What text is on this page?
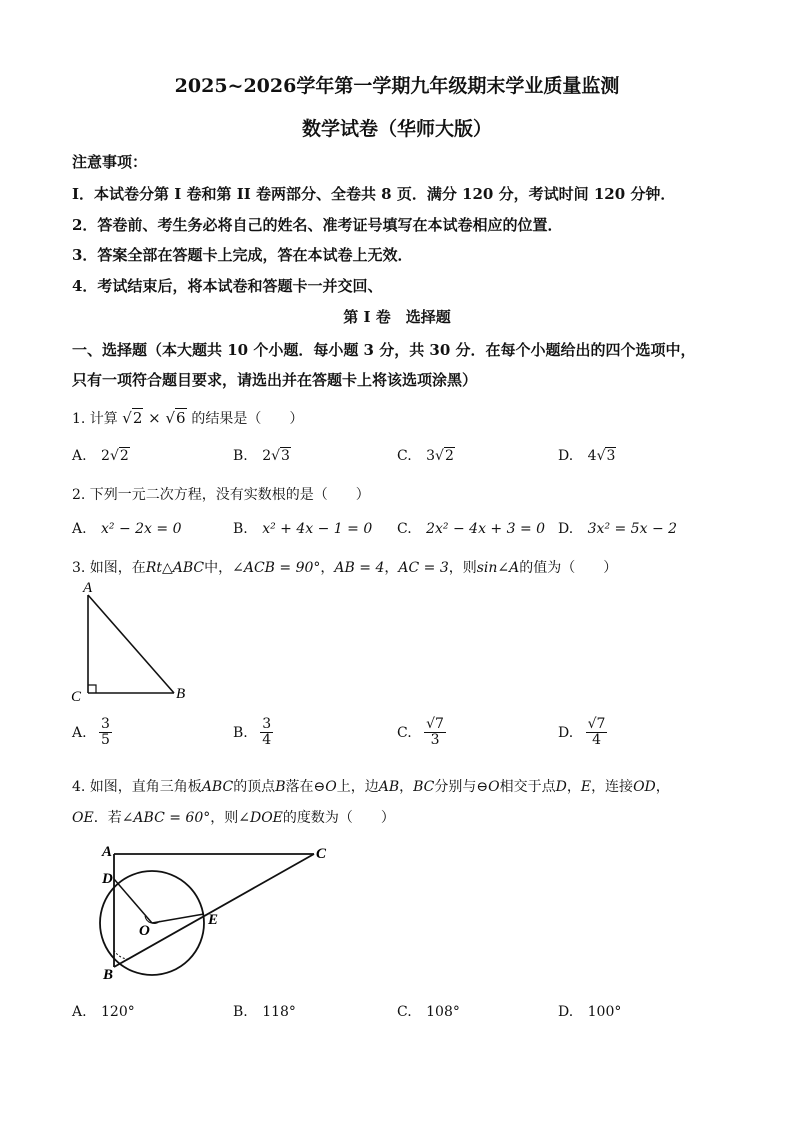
2025~2026学年第一学期九年级期末学业质量监测
数学试卷（华师大版）
注意事项：
I．本试卷分第 I 卷和第 II 卷两部分、全卷共 8 页．满分 120 分，考试时间 120 分钟．
2．答卷前、考生务必将自己的姓名、准考证号填写在本试卷相应的位置．
3．答案全部在答题卡上完成，答在本试卷上无效．
4．考试结束后，将本试卷和答题卡一并交回、
第 I 卷　选择题
一、选择题（本大题共 10 个小题．每小题 3 分，共 30 分．在每个小题给出的四个选项中，
只有一项符合题目要求，请选出并在答题卡上将该选项涂黑）
1. 计算 √2 × √6 的结果是（　　）
A. 2√2	B. 2√3	C. 3√2	D. 4√3
2. 下列一元二次方程，没有实数根的是（　　）
A. x² − 2x = 0	B. x² + 4x − 1 = 0 C. 2x² − 4x + 3 = 0 D. 3x² = 5x − 2
3. 如图，在Rt△ABC中，∠ACB = 90°，AB = 4，AC = 3，则sin∠A的值为（　　）
A
C	B
A. $\frac{3}{5}$	B. $\frac{3}{4}$	C. $\frac{√7}{3}$	D. $\frac{√7}{4}$
4. 如图，直角三角板ABC的顶点B落在⊖O上，边AB，BC分别与⊖O相交于点D，E，连接OD，
OE．若∠ABC = 60°，则∠DOE的度数为（　　）
A	C
D
E
O
B
A. 120°	B. 118°	C. 108°	D. 100°
